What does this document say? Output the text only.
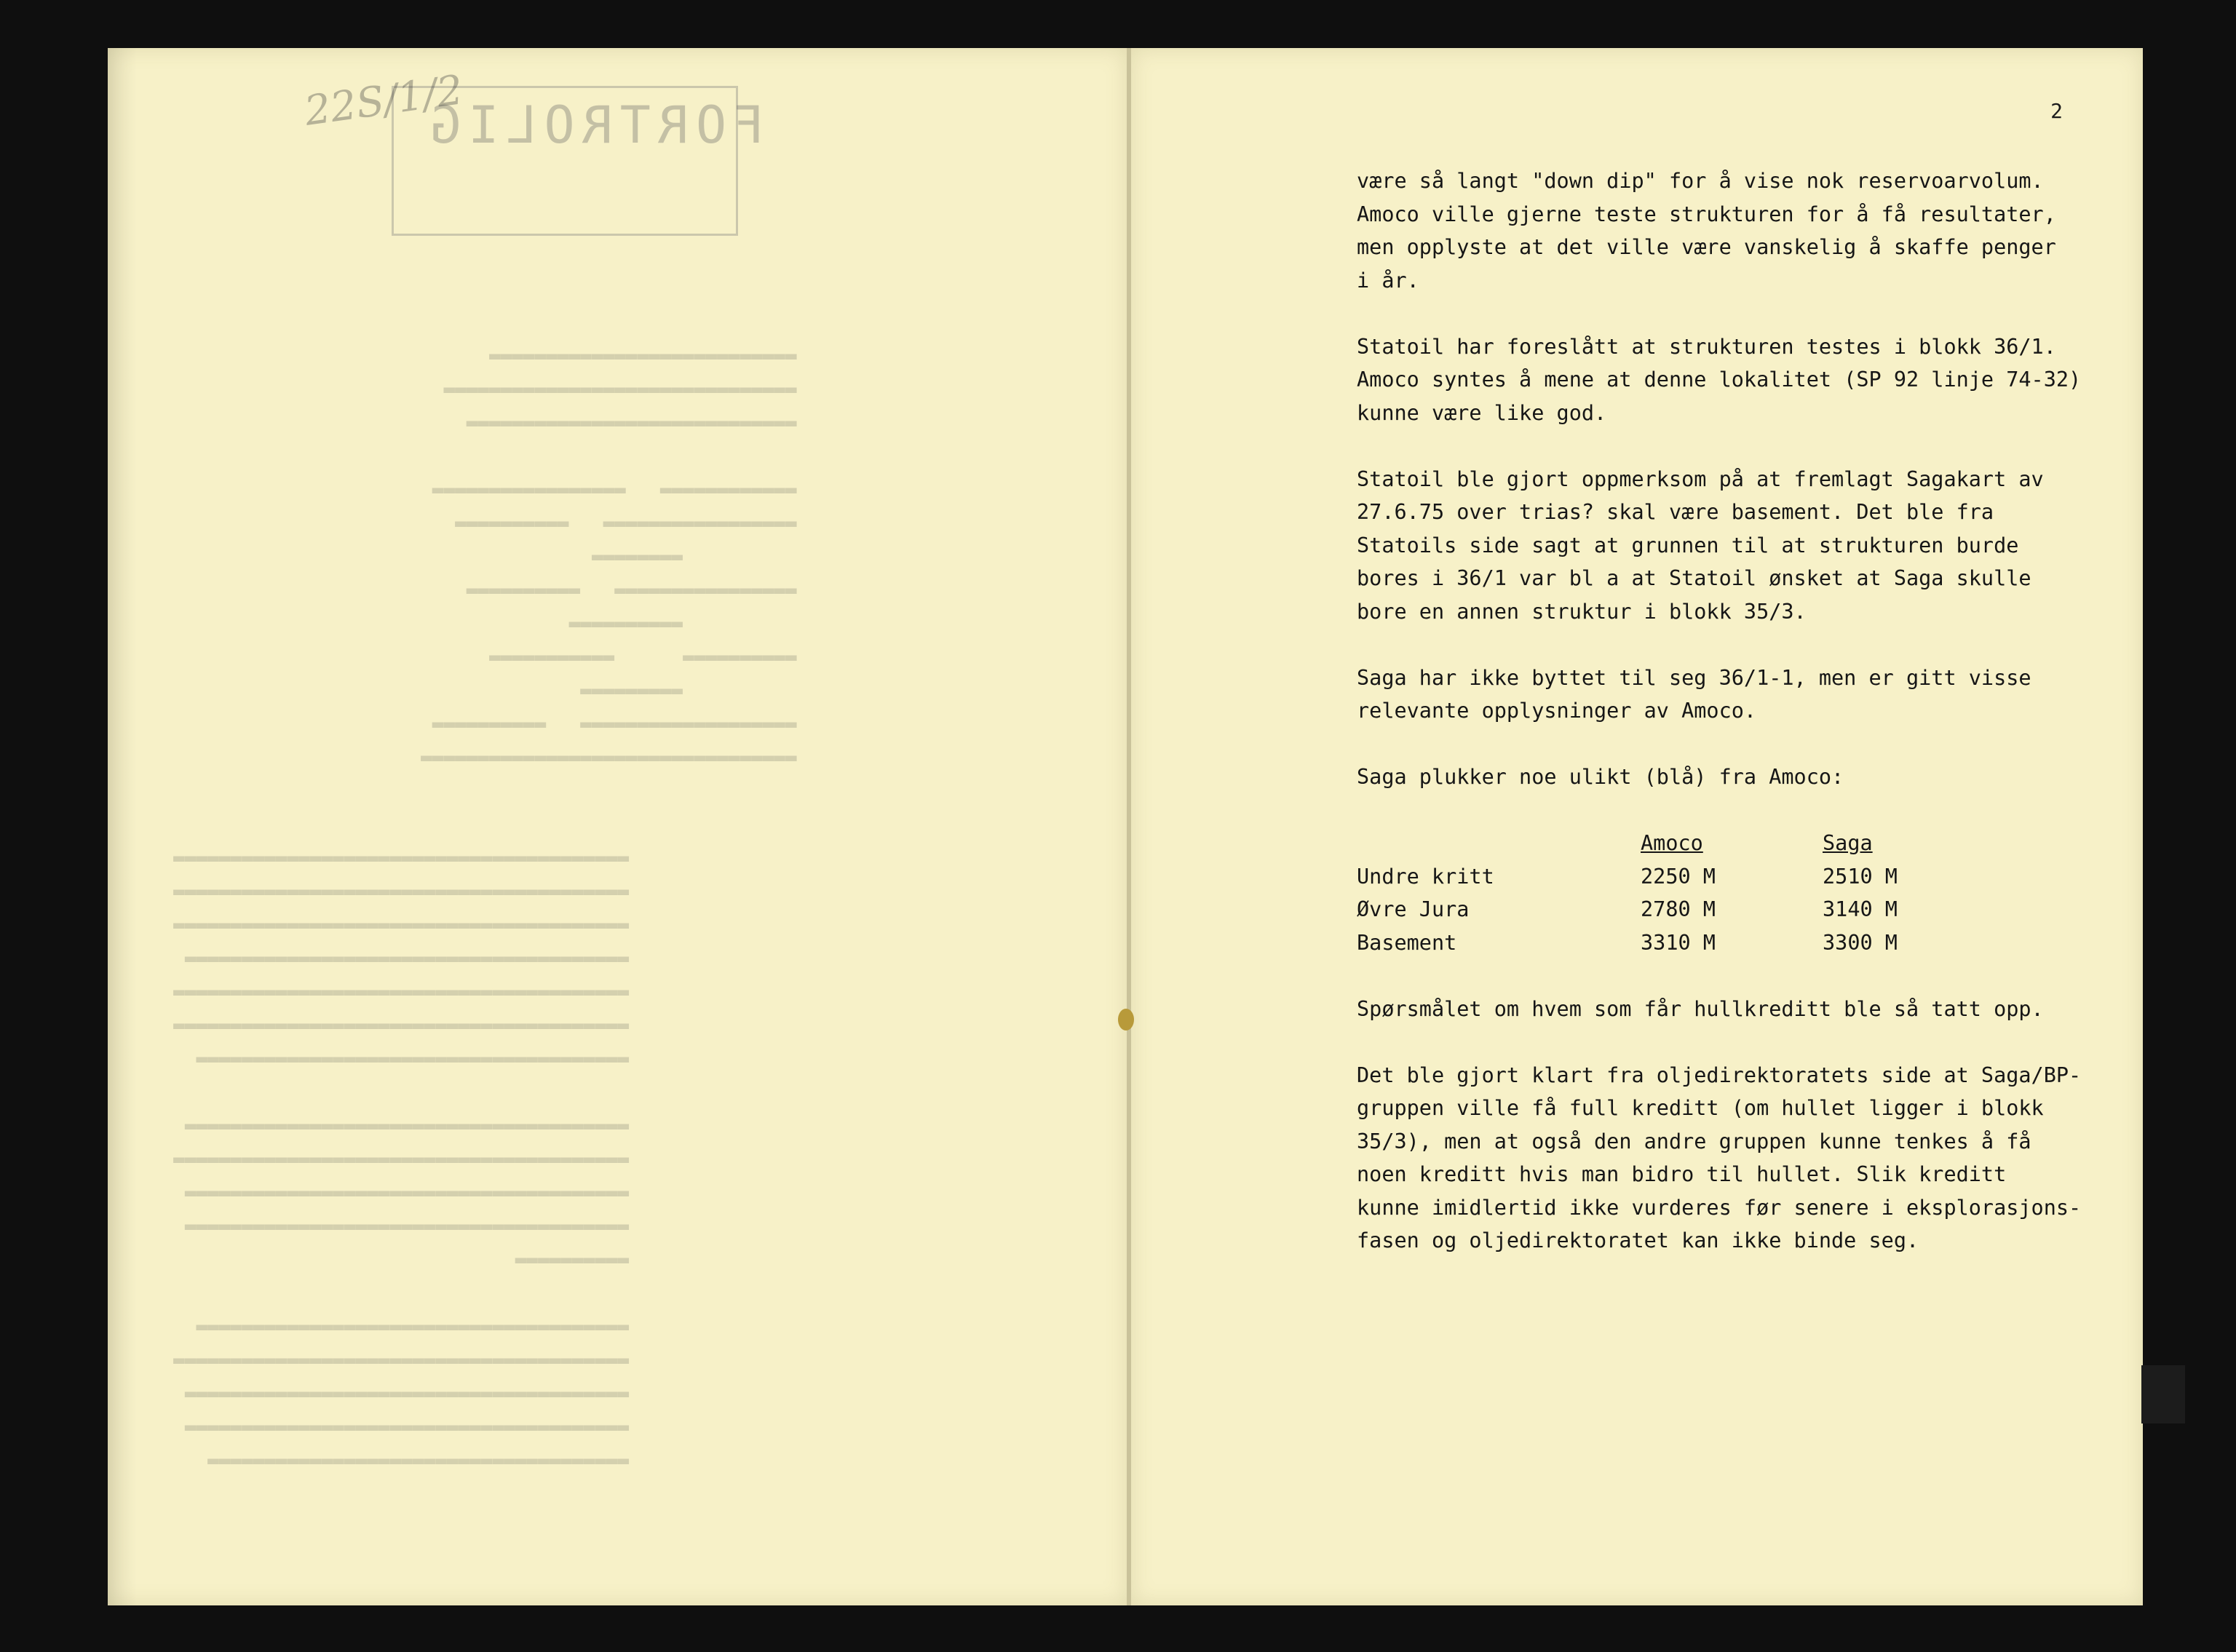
FORTROLIG
22S/1/2
▬▬▬▬▬▬▬▬▬▬▬▬▬▬▬▬▬▬▬▬▬▬▬▬▬▬▬
▬▬▬▬▬▬▬▬▬▬▬▬▬▬▬▬▬▬▬▬▬▬▬▬▬▬▬▬▬▬▬
▬▬▬▬▬▬▬▬▬▬▬▬▬▬▬▬▬▬▬▬▬▬▬▬▬▬▬▬▬

▬▬▬▬▬▬▬▬▬▬▬▬   ▬▬▬▬▬▬▬▬▬▬▬▬▬▬▬▬▬
▬▬▬▬▬▬▬▬▬▬▬▬▬▬▬▬▬   ▬▬▬▬▬▬▬▬▬▬
▬▬▬▬▬▬▬▬
▬▬▬▬▬▬▬▬▬▬▬▬▬▬▬▬   ▬▬▬▬▬▬▬▬▬▬
▬▬▬▬▬▬▬▬▬▬
▬▬▬▬▬▬▬▬▬▬      ▬▬▬▬▬▬▬▬▬▬▬
▬▬▬▬▬▬▬▬▬
▬▬▬▬▬▬▬▬▬▬▬▬▬▬▬▬▬▬▬   ▬▬▬▬▬▬▬▬▬▬
▬▬▬▬▬▬▬▬▬▬▬▬▬▬▬▬▬▬▬▬▬▬▬▬▬▬▬▬▬▬▬▬▬
▬▬▬▬▬▬▬▬▬▬▬▬▬▬▬▬▬▬▬▬▬▬▬▬▬▬▬▬▬▬▬▬▬▬▬▬▬▬▬▬
▬▬▬▬▬▬▬▬▬▬▬▬▬▬▬▬▬▬▬▬▬▬▬▬▬▬▬▬▬▬▬▬▬▬▬▬▬▬▬▬
▬▬▬▬▬▬▬▬▬▬▬▬▬▬▬▬▬▬▬▬▬▬▬▬▬▬▬▬▬▬▬▬▬▬▬▬▬▬▬▬
▬▬▬▬▬▬▬▬▬▬▬▬▬▬▬▬▬▬▬▬▬▬▬▬▬▬▬▬▬▬▬▬▬▬▬▬▬▬▬
▬▬▬▬▬▬▬▬▬▬▬▬▬▬▬▬▬▬▬▬▬▬▬▬▬▬▬▬▬▬▬▬▬▬▬▬▬▬▬▬
▬▬▬▬▬▬▬▬▬▬▬▬▬▬▬▬▬▬▬▬▬▬▬▬▬▬▬▬▬▬▬▬▬▬▬▬▬▬▬▬
▬▬▬▬▬▬▬▬▬▬▬▬▬▬▬▬▬▬▬▬▬▬▬▬▬▬▬▬▬▬▬▬▬▬▬▬▬▬

▬▬▬▬▬▬▬▬▬▬▬▬▬▬▬▬▬▬▬▬▬▬▬▬▬▬▬▬▬▬▬▬▬▬▬▬▬▬▬
▬▬▬▬▬▬▬▬▬▬▬▬▬▬▬▬▬▬▬▬▬▬▬▬▬▬▬▬▬▬▬▬▬▬▬▬▬▬▬▬
▬▬▬▬▬▬▬▬▬▬▬▬▬▬▬▬▬▬▬▬▬▬▬▬▬▬▬▬▬▬▬▬▬▬▬▬▬▬▬
▬▬▬▬▬▬▬▬▬▬▬▬▬▬▬▬▬▬▬▬▬▬▬▬▬▬▬▬▬▬▬▬▬▬▬▬▬▬▬
▬▬▬▬▬▬▬▬▬▬

▬▬▬▬▬▬▬▬▬▬▬▬▬▬▬▬▬▬▬▬▬▬▬▬▬▬▬▬▬▬▬▬▬▬▬▬▬▬
▬▬▬▬▬▬▬▬▬▬▬▬▬▬▬▬▬▬▬▬▬▬▬▬▬▬▬▬▬▬▬▬▬▬▬▬▬▬▬▬
▬▬▬▬▬▬▬▬▬▬▬▬▬▬▬▬▬▬▬▬▬▬▬▬▬▬▬▬▬▬▬▬▬▬▬▬▬▬▬
▬▬▬▬▬▬▬▬▬▬▬▬▬▬▬▬▬▬▬▬▬▬▬▬▬▬▬▬▬▬▬▬▬▬▬▬▬▬▬
▬▬▬▬▬▬▬▬▬▬▬▬▬▬▬▬▬▬▬▬▬▬▬▬▬▬▬▬▬▬▬▬▬▬▬▬▬
2

være så langt "down dip" for å vise nok reservoarvolum.
Amoco ville gjerne teste strukturen for å få resultater,
men opplyste at det ville være vanskelig å skaffe penger
i år.

Statoil har foreslått at strukturen testes i blokk 36/1.
Amoco syntes å mene at denne lokalitet (SP 92 linje 74-32)
kunne være like god.

Statoil ble gjort oppmerksom på at fremlagt Sagakart av
27.6.75 over trias? skal være basement. Det ble fra
Statoils side sagt at grunnen til at strukturen burde
bores i 36/1 var bl a at Statoil ønsket at Saga skulle
bore en annen struktur i blokk 35/3.

Saga har ikke byttet til seg 36/1-1, men er gitt visse
relevante opplysninger av Amoco.

Saga plukker noe ulikt (blå) fra Amoco:

	Amoco	Saga
Undre kritt	2250 M	2510 M
Øvre Jura	2780 M	3140 M
Basement	3310 M	3300 M

Spørsmålet om hvem som får hullkreditt ble så tatt opp.

Det ble gjort klart fra oljedirektoratets side at Saga/BP-
gruppen ville få full kreditt (om hullet ligger i blokk
35/3), men at også den andre gruppen kunne tenkes å få
noen kreditt hvis man bidro til hullet. Slik kreditt
kunne imidlertid ikke vurderes før senere i eksplorasjons-
fasen og oljedirektoratet kan ikke binde seg.
